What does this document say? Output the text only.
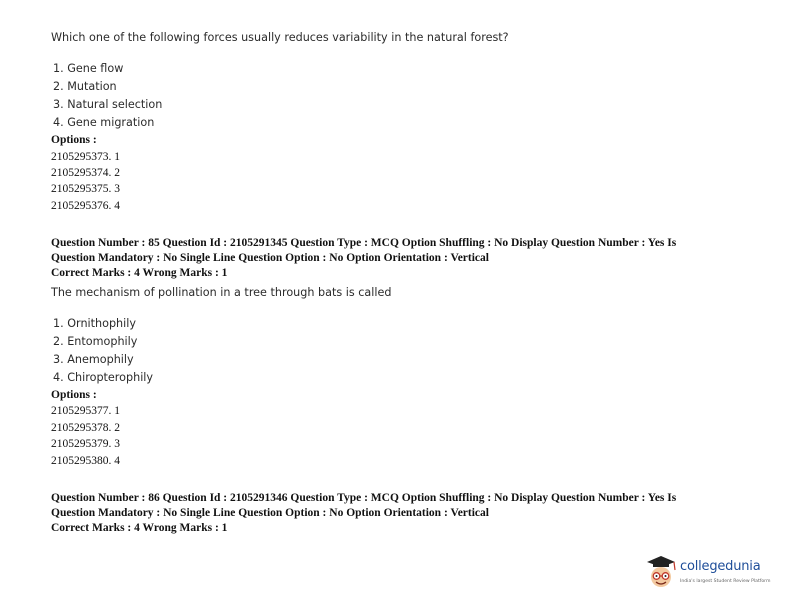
Which one of the following forces usually reduces variability in the natural forest?
1. Gene flow
2. Mutation
3. Natural selection
4. Gene migration
Options :
2105295373. 1
2105295374. 2
2105295375. 3
2105295376. 4
Question Number : 85 Question Id : 2105291345 Question Type : MCQ Option Shuffling : No Display Question Number : Yes Is
Question Mandatory : No Single Line Question Option : No Option Orientation : Vertical
Correct Marks : 4 Wrong Marks : 1
The mechanism of pollination in a tree through bats is called
1. Ornithophily
2. Entomophily
3. Anemophily
4. Chiropterophily
Options :
2105295377. 1
2105295378. 2
2105295379. 3
2105295380. 4
Question Number : 86 Question Id : 2105291346 Question Type : MCQ Option Shuffling : No Display Question Number : Yes Is
Question Mandatory : No Single Line Question Option : No Option Orientation : Vertical
Correct Marks : 4 Wrong Marks : 1
collegedunia
India's largest Student Review Platform
